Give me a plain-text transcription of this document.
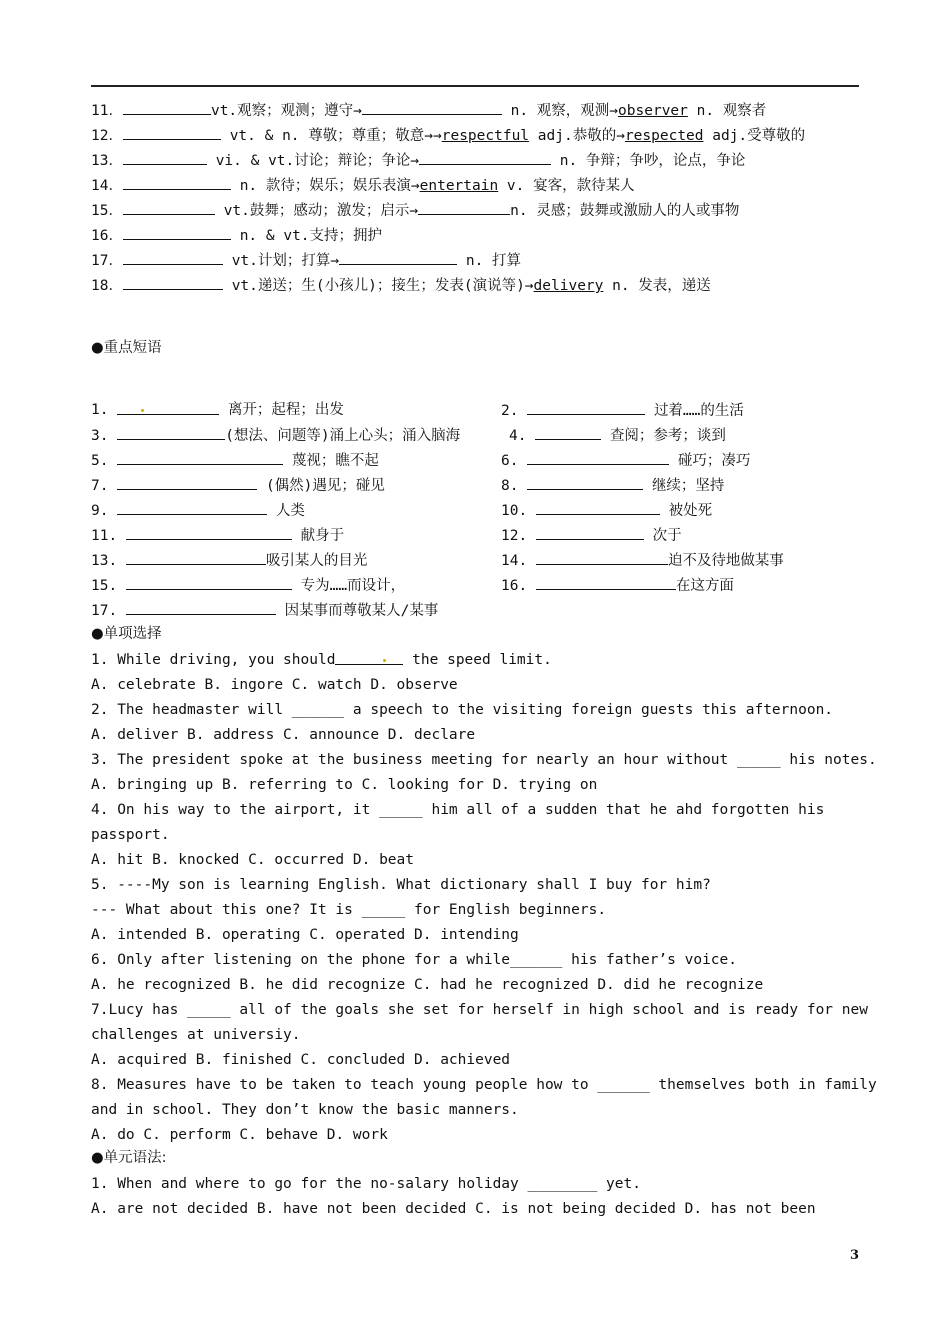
11．	vt.观察；观测；遵守→	n. 观察，观测→observer n. 观察者
12．	vt. & n. 尊敬；尊重；敬意→→respectful adj.恭敬的→respected adj.受尊敬的
13．	vi. & vt.讨论；辩论；争论→	n. 争辩；争吵，论点，争论
14．	n. 款待；娱乐；娱乐表演→entertain v. 宴客，款待某人
15．	vt.鼓舞；感动；激发；启示→	n. 灵感；鼓舞或激励人的人或事物
16．	n. & vt.支持；拥护
17．	vt.计划；打算→	n. 打算
18．	vt.递送；生(小孩儿)；接生；发表(演说等)→delivery n. 发表，递送
●重点短语
1.	离开；起程；出发	2.	过着……的生活
3.	(想法、问题等)涌上心头；涌入脑海	4.	查阅；参考；谈到
5.	蔑视；瞧不起	6.	碰巧；凑巧
7.	(偶然)遇见；碰见	8.	继续；坚持
9.	人类	10.	被处死
11.	献身于	12.	次于
13.	吸引某人的目光	14.	迫不及待地做某事
15.	专为……而设计，	16.	在这方面
17.	因某事而尊敬某人/某事
●单项选择
1. While driving, you should	the speed limit.
A. celebrate B. ingore C. watch D. observe
2. The headmaster will ______ a speech to the visiting foreign guests this afternoon.
A. deliver B. address C. announce D. declare
3. The president spoke at the business meeting for nearly an hour without _____ his notes.
A. bringing up B. referring to C. looking for D. trying on
4. On his way to the airport, it _____ him all of a sudden that he ahd forgotten his
passport.
A. hit B. knocked C. occurred D. beat
5. ----My son is learning English. What dictionary shall I buy for him?
--- What about this one? It is _____ for English beginners.
A. intended B. operating C. operated D. intending
6. Only after listening on the phone for a while______ his father’s voice.
A. he recognized B. he did recognize C. had he recognized D. did he recognize
7.Lucy has _____ all of the goals she set for herself in high school and is ready for new
challenges at universiy.
A. acquired B. finished C. concluded D. achieved
8. Measures have to be taken to teach young people how to ______ themselves both in family
and in school. They don’t know the basic manners.
A. do C. perform C. behave D. work
●单元语法:
1. When and where to go for the no-salary holiday ________ yet.
A. are not decided B. have not been decided C. is not being decided D. has not been
3
